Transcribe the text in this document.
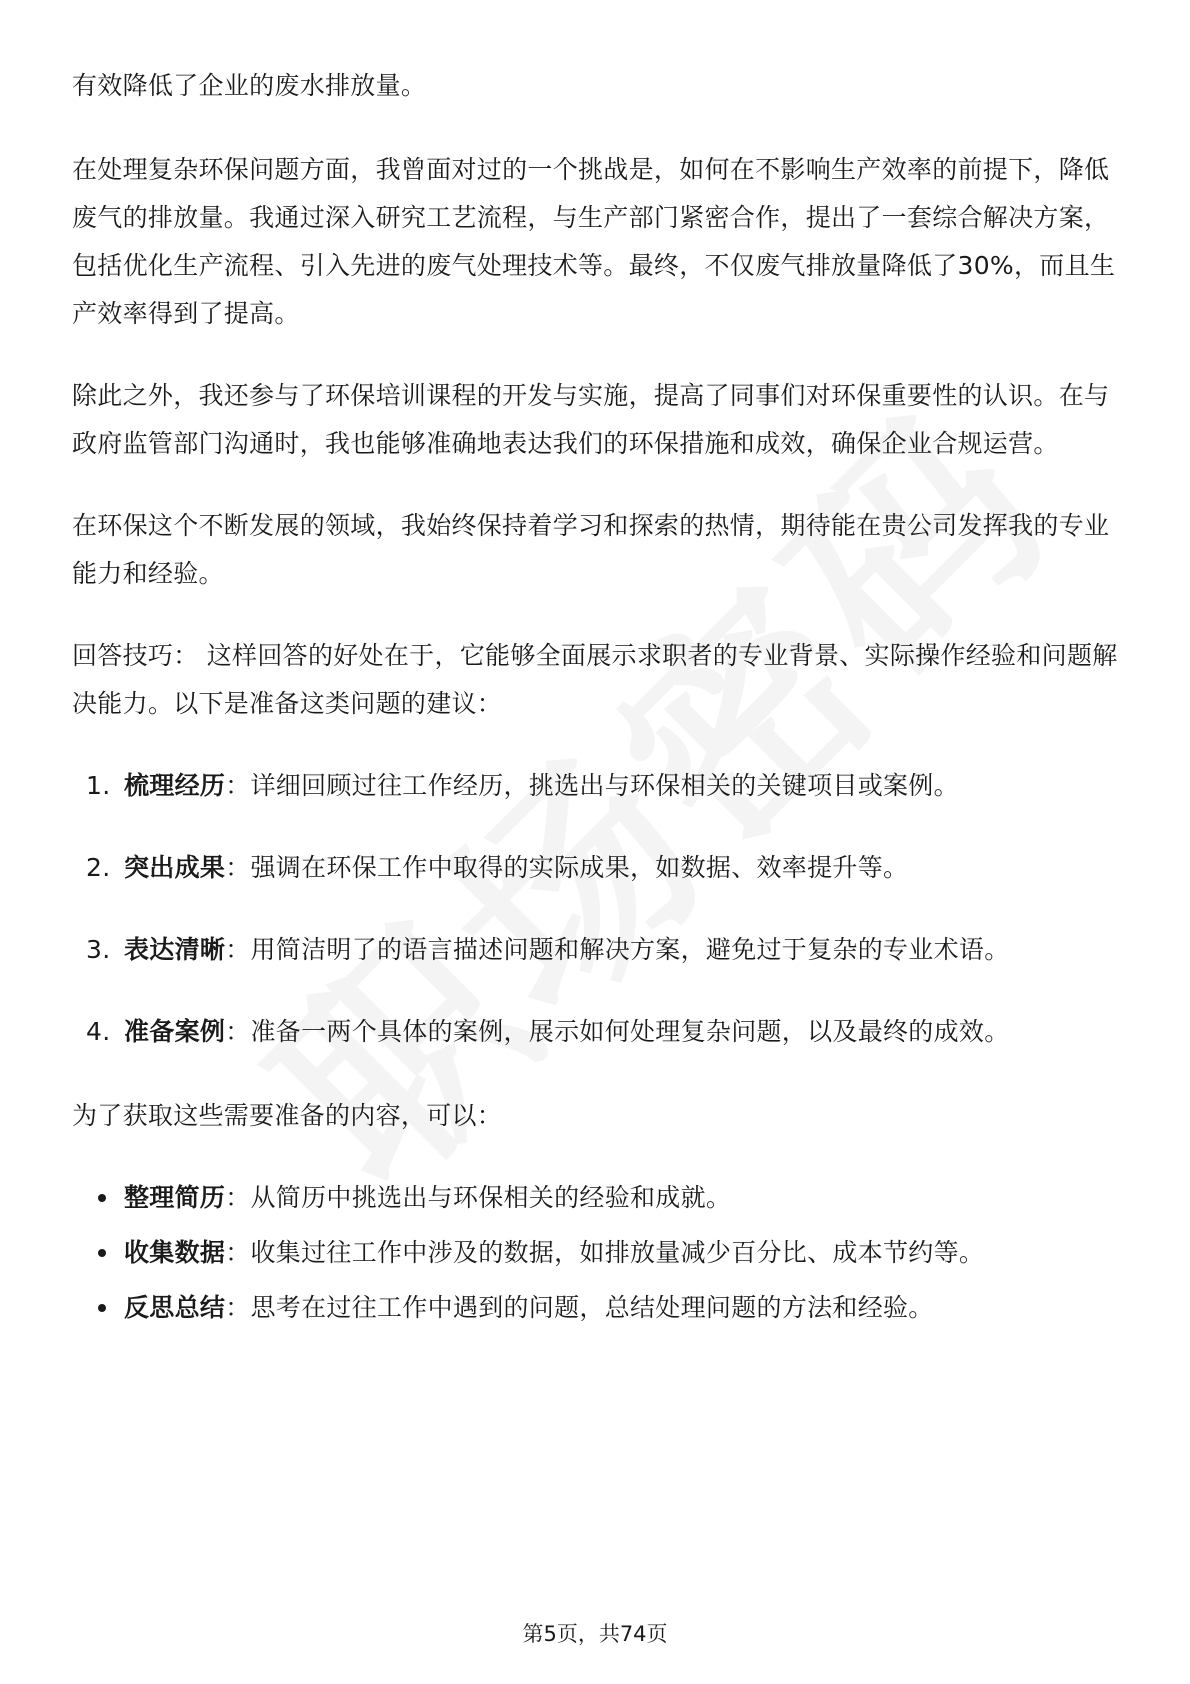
有效降低了企业的废水排放量。

在处理复杂环保问题方面，我曾面对过的一个挑战是，如何在不影响生产效率的前提下，降低废气的排放量。我通过深入研究工艺流程，与生产部门紧密合作，提出了一套综合解决方案，包括优化生产流程、引入先进的废气处理技术等。最终，不仅废气排放量降低了30%，而且生产效率得到了提高。

除此之外，我还参与了环保培训课程的开发与实施，提高了同事们对环保重要性的认识。在与政府监管部门沟通时，我也能够准确地表达我们的环保措施和成效，确保企业合规运营。

在环保这个不断发展的领域，我始终保持着学习和探索的热情，期待能在贵公司发挥我的专业能力和经验。

回答技巧： 这样回答的好处在于，它能够全面展示求职者的专业背景、实际操作经验和问题解决能力。以下是准备这类问题的建议：

1. 梳理经历：详细回顾过往工作经历，挑选出与环保相关的关键项目或案例。
2. 突出成果：强调在环保工作中取得的实际成果，如数据、效率提升等。
3. 表达清晰：用简洁明了的语言描述问题和解决方案，避免过于复杂的专业术语。
4. 准备案例：准备一两个具体的案例，展示如何处理复杂问题，以及最终的成效。

为了获取这些需要准备的内容，可以：

整理简历：从简历中挑选出与环保相关的经验和成就。
收集数据：收集过往工作中涉及的数据，如排放量减少百分比、成本节约等。
反思总结：思考在过往工作中遇到的问题，总结处理问题的方法和经验。
第5页，共74页
